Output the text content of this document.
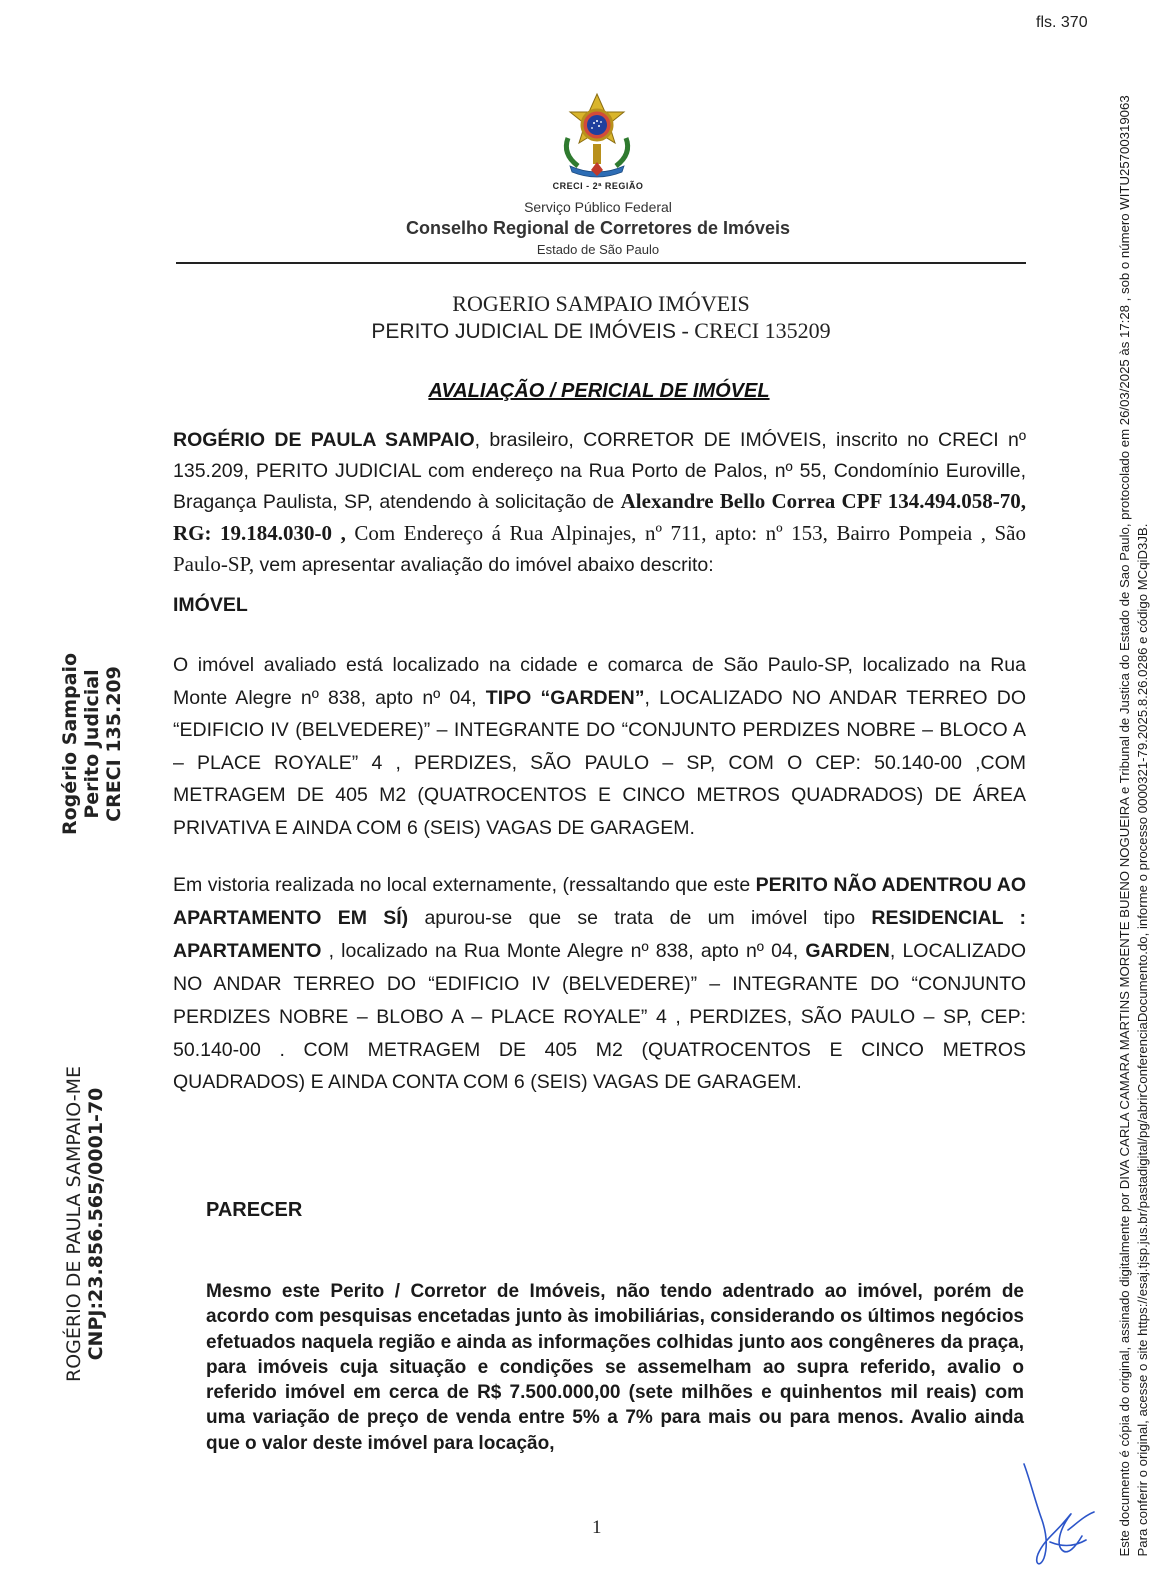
fls. 370
CRECI - 2ª REGIÃO
Serviço Público Federal
Conselho Regional de Corretores de Imóveis
Estado de São Paulo
ROGERIO SAMPAIO IMÓVEIS
PERITO JUDICIAL DE IMÓVEIS - CRECI 135209
AVALIAÇÃO / PERICIAL DE IMÓVEL
ROGÉRIO DE PAULA SAMPAIO, brasileiro, CORRETOR DE IMÓVEIS, inscrito no CRECI nº 135.209, PERITO JUDICIAL com endereço na Rua Porto de Palos, nº 55, Condomínio Euroville, Bragança Paulista, SP, atendendo à solicitação de Alexandre Bello Correa CPF 134.494.058-70, RG: 19.184.030-0 , Com Endereço á Rua Alpinajes, nº 711, apto: nº 153, Bairro Pompeia , São Paulo-SP, vem apresentar avaliação do imóvel abaixo descrito:
IMÓVEL
O imóvel avaliado está localizado na cidade e comarca de São Paulo-SP, localizado na Rua Monte Alegre nº 838, apto nº 04, TIPO “GARDEN”, LOCALIZADO NO ANDAR TERREO DO “EDIFICIO IV (BELVEDERE)” – INTEGRANTE DO “CONJUNTO PERDIZES NOBRE – BLOCO A – PLACE ROYALE” 4 , PERDIZES, SÃO PAULO – SP, COM O CEP: 50.140-00 ,COM METRAGEM DE 405 M2 (QUATROCENTOS E CINCO METROS QUADRADOS) DE ÁREA PRIVATIVA E AINDA COM 6 (SEIS) VAGAS DE GARAGEM.
Em vistoria realizada no local externamente, (ressaltando que este PERITO NÃO ADENTROU AO APARTAMENTO EM SÍ) apurou-se que se trata de um imóvel tipo RESIDENCIAL : APARTAMENTO , localizado na Rua Monte Alegre nº 838, apto nº 04, GARDEN, LOCALIZADO NO ANDAR TERREO DO “EDIFICIO IV (BELVEDERE)” – INTEGRANTE DO “CONJUNTO PERDIZES NOBRE – BLOBO A – PLACE ROYALE” 4 , PERDIZES, SÃO PAULO – SP, CEP: 50.140-00 . COM METRAGEM DE 405 M2 (QUATROCENTOS E CINCO METROS QUADRADOS) E AINDA CONTA COM 6 (SEIS) VAGAS DE GARAGEM.
PARECER
Mesmo este Perito / Corretor de Imóveis, não tendo adentrado ao imóvel, porém de acordo com pesquisas encetadas junto às imobiliárias, considerando os últimos negócios efetuados naquela região e ainda as informações colhidas junto aos congêneres da praça, para imóveis cuja situação e condições se assemelham ao supra referido, avalio o referido imóvel em cerca de R$ 7.500.000,00 (sete milhões e quinhentos mil reais) com uma variação de preço de venda entre 5% a 7% para mais ou para menos. Avalio ainda que o valor deste imóvel para locação,
1
Rogério Sampaio Perito Judicial CRECI 135.209
ROGÉRIO DE PAULA SAMPAIO-ME CNPJ:23.856.565/0001-70	Este documento é cópia do original, assinado digitalmente por DIVA CARLA CAMARA MARTINS MORENTE BUENO NOGUEIRA e Tribunal de Justica do Estado de Sao Paulo, protocolado em 26/03/2025 às 17:28 , sob o número WITU25700319063 Para conferir o original, acesse o site https://esaj.tjsp.jus.br/pastadigital/pg/abrirConferenciaDocumento.do, informe o processo 0000321-79.2025.8.26.0286 e código MCqiD3JB.
